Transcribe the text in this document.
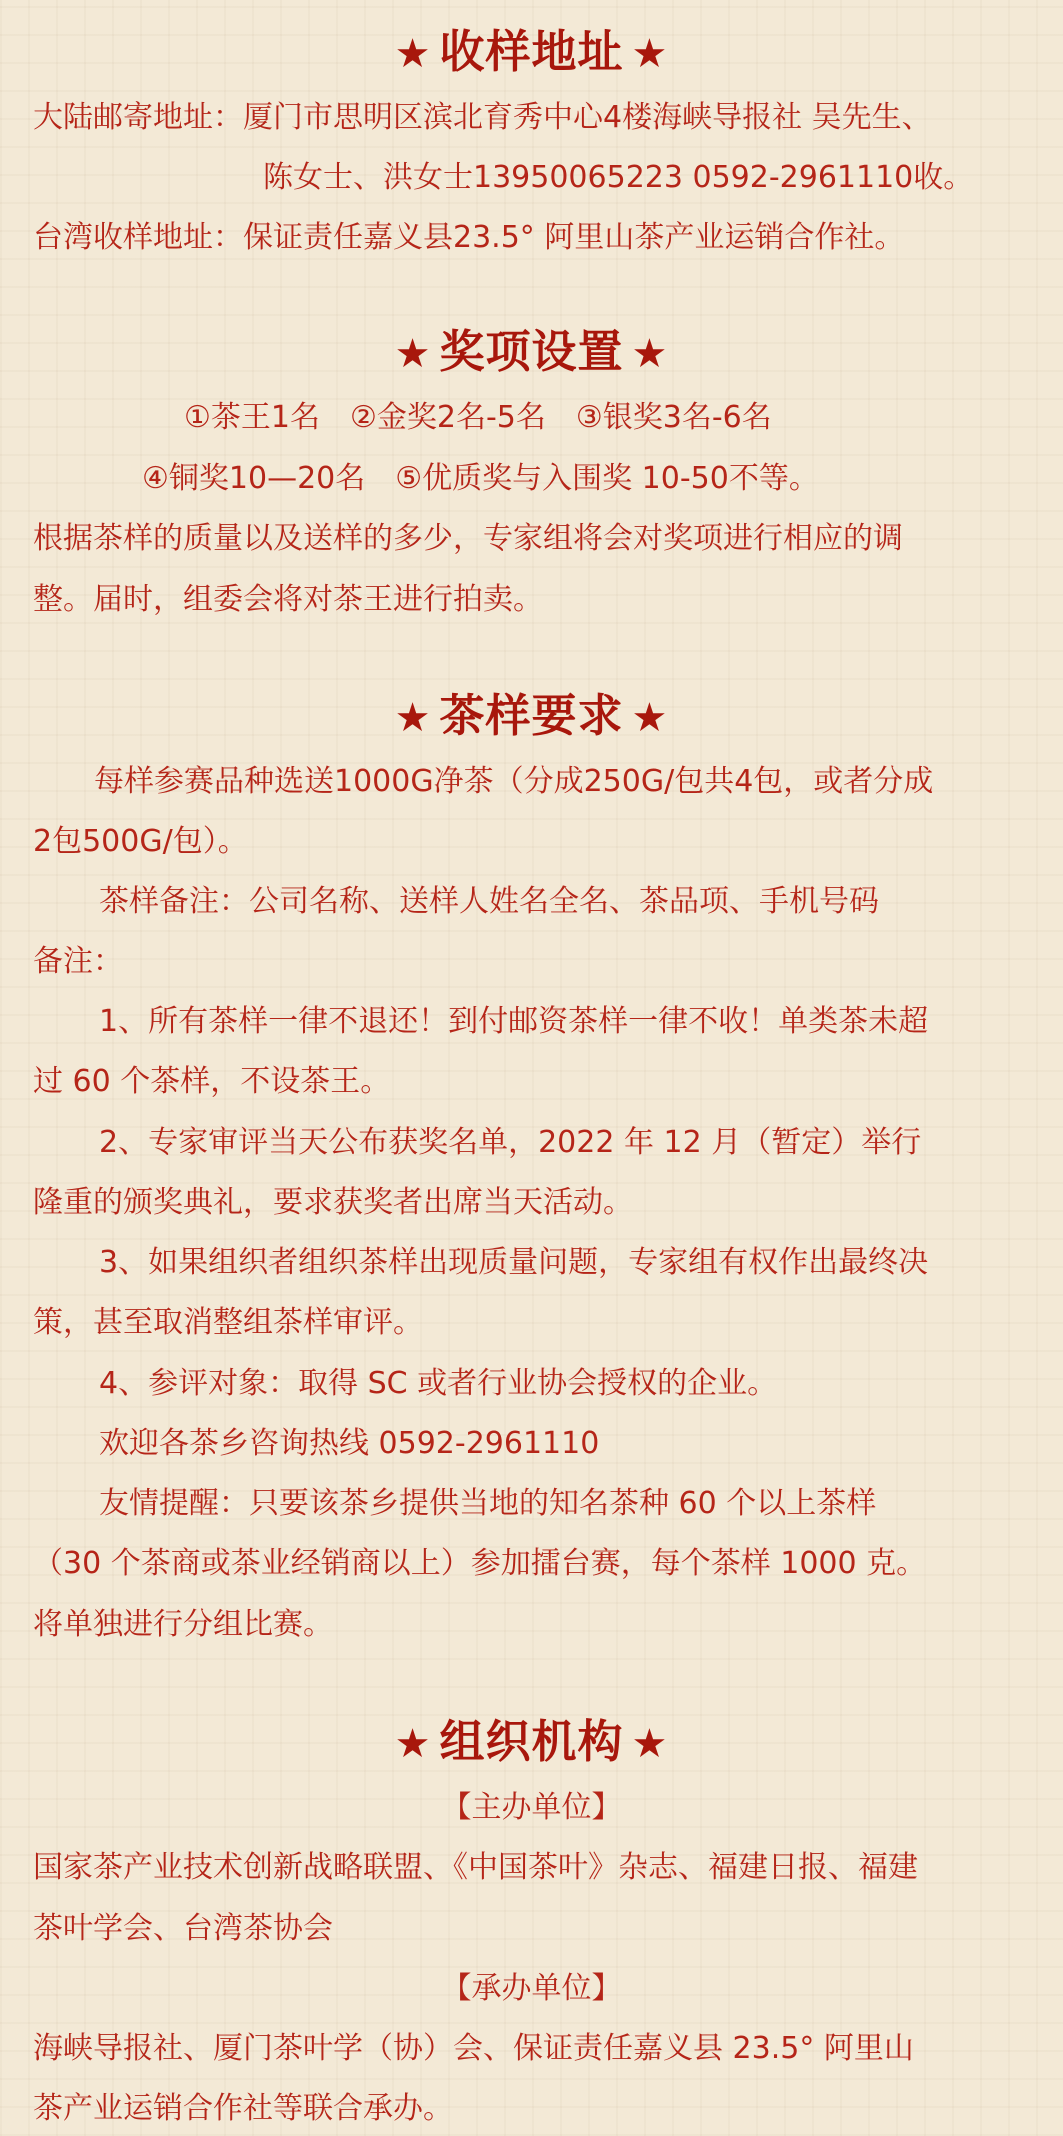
★ 收样地址 ★
大陆邮寄地址：厦门市思明区滨北育秀中心4楼海峡导报社 吴先生、
陈女士、洪女士13950065223 0592-2961110收。
台湾收样地址：保证责任嘉义县23.5° 阿里山茶产业运销合作社。
★ 奖项设置 ★
①茶王1名　②金奖2名-5名　③银奖3名-6名
④铜奖10—20名　⑤优质奖与入围奖 10-50不等。
根据茶样的质量以及送样的多少，专家组将会对奖项进行相应的调
整。届时，组委会将对茶王进行拍卖。
★ 茶样要求 ★
每样参赛品种选送1000G净茶（分成250G/包共4包，或者分成
2包500G/包）。
茶样备注：公司名称、送样人姓名全名、茶品项、手机号码
备注：
1、所有茶样一律不退还！到付邮资茶样一律不收！单类茶未超
过 60 个茶样，不设茶王。
2、专家审评当天公布获奖名单，2022 年 12 月（暂定）举行
隆重的颁奖典礼，要求获奖者出席当天活动。
3、如果组织者组织茶样出现质量问题，专家组有权作出最终决
策，甚至取消整组茶样审评。
4、参评对象：取得 SC 或者行业协会授权的企业。
欢迎各茶乡咨询热线 0592-2961110
友情提醒：只要该茶乡提供当地的知名茶种 60 个以上茶样
（30 个茶商或茶业经销商以上）参加擂台赛，每个茶样 1000 克。
将单独进行分组比赛。
★ 组织机构 ★
【主办单位】
国家茶产业技术创新战略联盟、《中国茶叶》杂志、福建日报、福建
茶叶学会、台湾茶协会
【承办单位】
海峡导报社、厦门茶叶学（协）会、保证责任嘉义县 23.5° 阿里山
茶产业运销合作社等联合承办。
